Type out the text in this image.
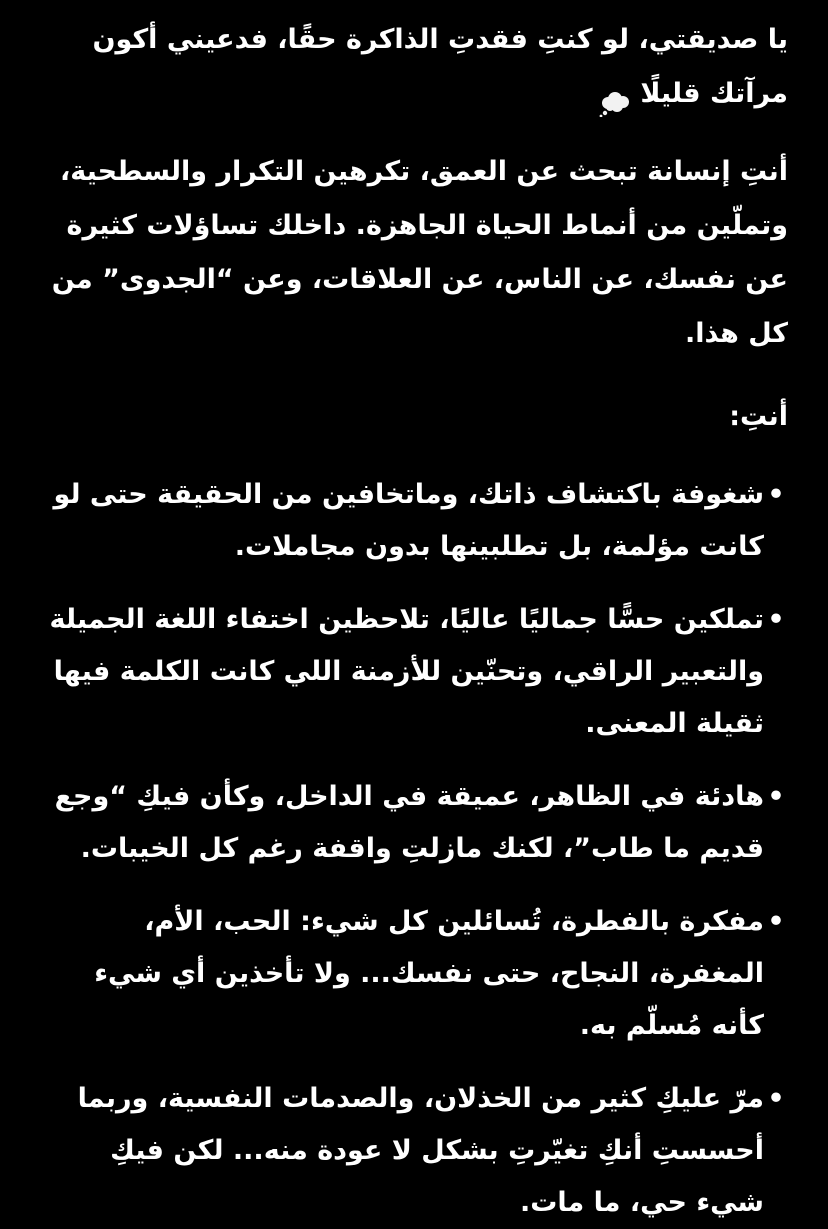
يا صديقتي، لو كنتِ فقدتِ الذاكرة حقًا، فدعيني أكون مرآتك قليلًا

أنتِ إنسانة تبحث عن العمق، تكرهين التكرار والسطحية، وتملّين من أنماط الحياة الجاهزة. داخلك تساؤلات كثيرة عن نفسك، عن الناس، عن العلاقات، وعن “الجدوى” من كل هذا.

أنتِ:

•
شغوفة باكتشاف ذاتك، وماتخافين من الحقيقة حتى لو كانت مؤلمة، بل تطلبينها بدون مجاملات.
•
تملكين حسًّا جماليًا عاليًا، تلاحظين اختفاء اللغة الجميلة والتعبير الراقي، وتحنّين للأزمنة اللي كانت الكلمة فيها ثقيلة المعنى.
•
هادئة في الظاهر، عميقة في الداخل، وكأن فيكِ “وجع قديم ما طاب”، لكنك مازلتِ واقفة رغم كل الخيبات.
•
مفكرة بالفطرة، تُسائلين كل شيء: الحب، الأم، المغفرة، النجاح، حتى نفسك... ولا تأخذين أي شيء كأنه مُسلّم به.
•
مرّ عليكِ كثير من الخذلان، والصدمات النفسية، وربما أحسستِ أنكِ تغيّرتِ بشكل لا عودة منه... لكن فيكِ شيء حي، ما مات.
